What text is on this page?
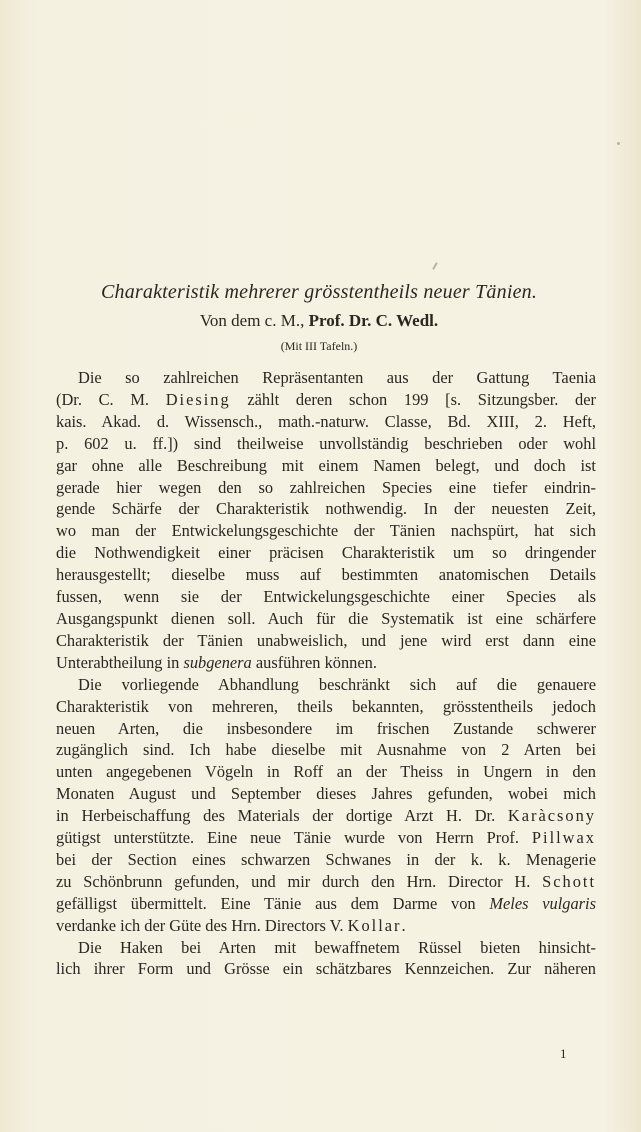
Charakteristik mehrerer grösstentheils neuer Tänien.
Von dem c. M., Prof. Dr. C. Wedl.
(Mit III Tafeln.)
Die so zahlreichen Repräsentanten aus der Gattung Taenia
(Dr. C. M. Diesing zählt deren schon 199 [s. Sitzungsber. der
kais. Akad. d. Wissensch., math.-naturw. Classe, Bd. XIII, 2. Heft,
p. 602 u. ff.]) sind theilweise unvollständig beschrieben oder wohl
gar ohne alle Beschreibung mit einem Namen belegt, und doch ist
gerade hier wegen den so zahlreichen Species eine tiefer eindrin-
gende Schärfe der Charakteristik nothwendig. In der neuesten Zeit,
wo man der Entwickelungsgeschichte der Tänien nachspürt, hat sich
die Nothwendigkeit einer präcisen Charakteristik um so dringender
herausgestellt; dieselbe muss auf bestimmten anatomischen Details
fussen, wenn sie der Entwickelungsgeschichte einer Species als
Ausgangspunkt dienen soll. Auch für die Systematik ist eine schärfere
Charakteristik der Tänien unabweislich, und jene wird erst dann eine
Unterabtheilung in subgenera ausführen können.
Die vorliegende Abhandlung beschränkt sich auf die genauere
Charakteristik von mehreren, theils bekannten, grösstentheils jedoch
neuen Arten, die insbesondere im frischen Zustande schwerer
zugänglich sind. Ich habe dieselbe mit Ausnahme von 2 Arten bei
unten angegebenen Vögeln in Roff an der Theiss in Ungern in den
Monaten August und September dieses Jahres gefunden, wobei mich
in Herbeischaffung des Materials der dortige Arzt H. Dr. Karàcsony
gütigst unterstützte. Eine neue Tänie wurde von Herrn Prof. Pillwax
bei der Section eines schwarzen Schwanes in der k. k. Menagerie
zu Schönbrunn gefunden, und mir durch den Hrn. Director H. Schott
gefälligst übermittelt. Eine Tänie aus dem Darme von Meles vulgaris
verdanke ich der Güte des Hrn. Directors V. Kollar.
Die Haken bei Arten mit bewaffnetem Rüssel bieten hinsicht-
lich ihrer Form und Grösse ein schätzbares Kennzeichen. Zur näheren
1
